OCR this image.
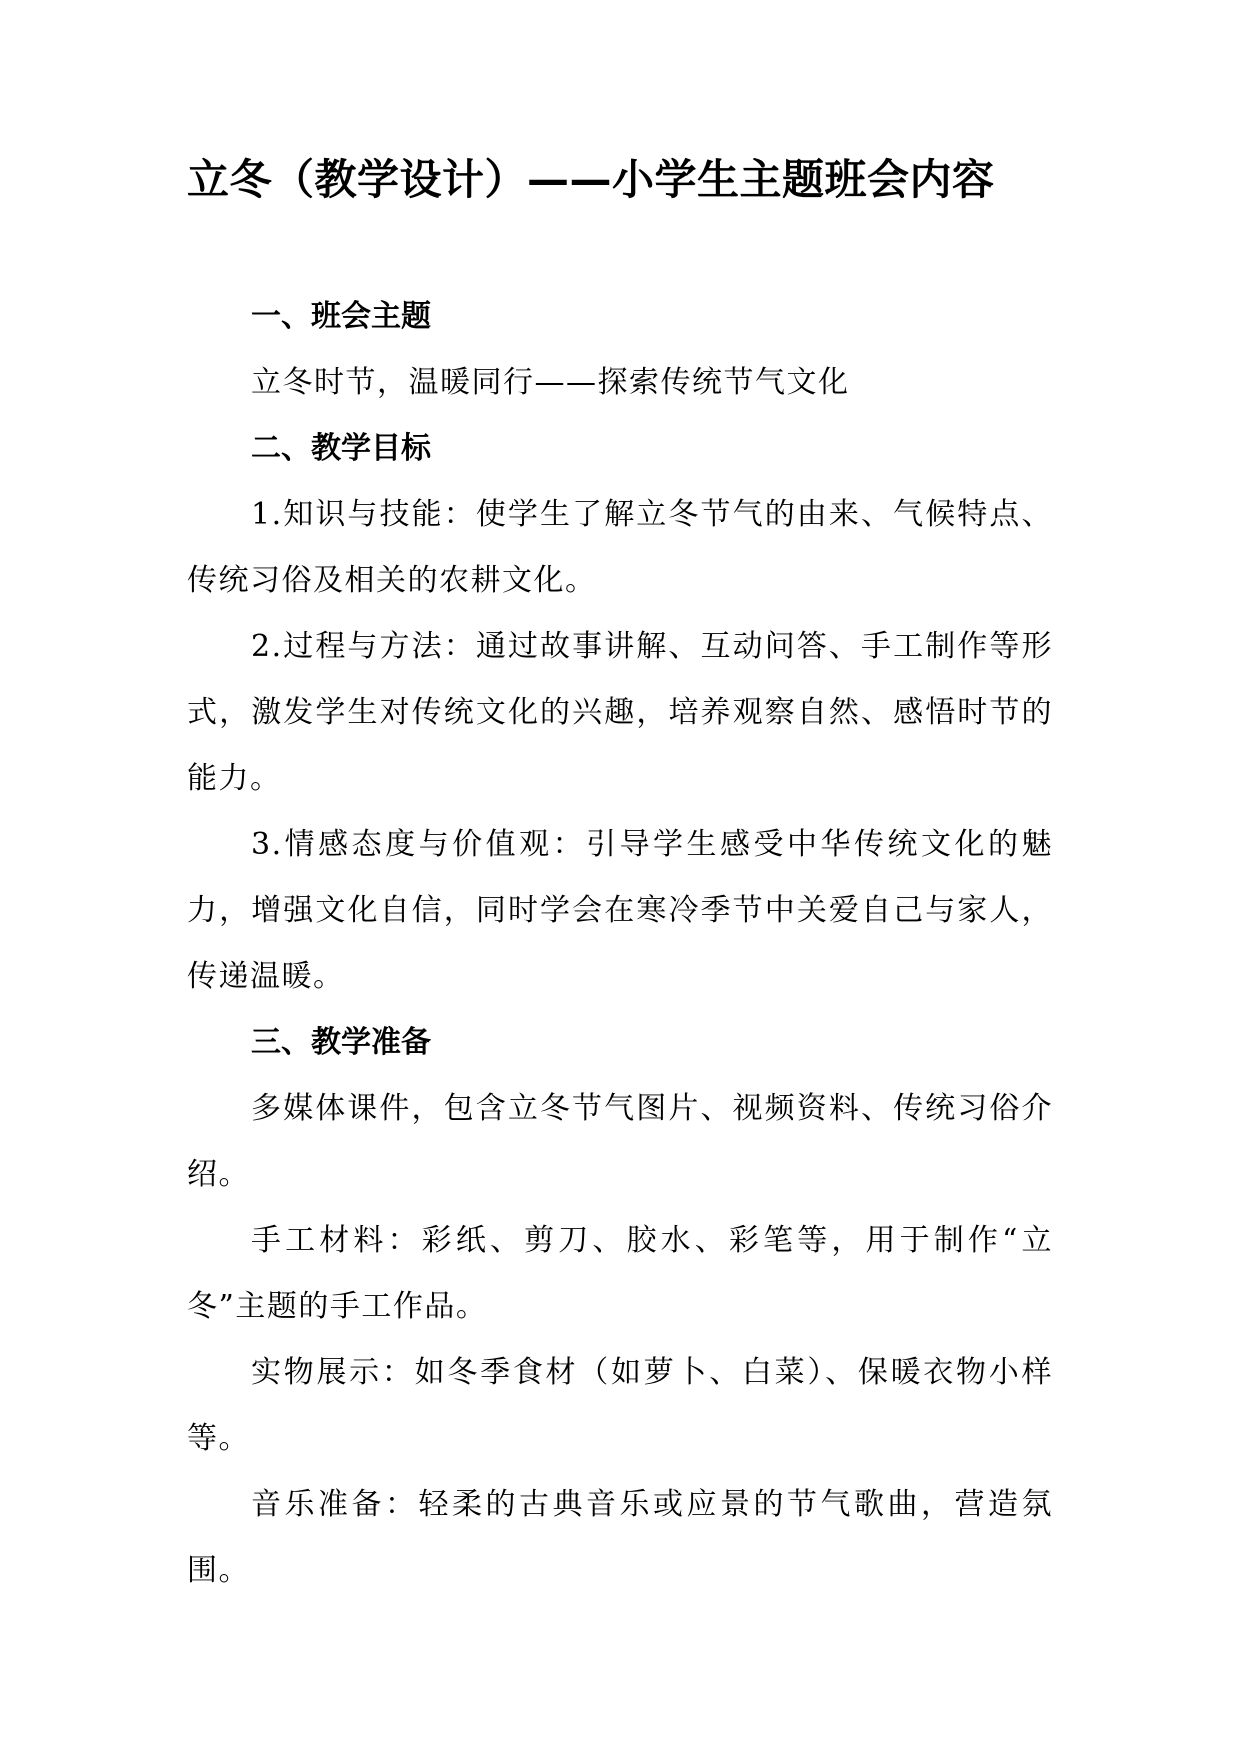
立冬（教学设计）——小学生主题班会内容
一、班会主题

立冬时节，温暖同行——探索传统节气文化

二、教学目标

1.知识与技能：使学生了解立冬节气的由来、气候特点、传统习俗及相关的农耕文化。

2.过程与方法：通过故事讲解、互动问答、手工制作等形式，激发学生对传统文化的兴趣，培养观察自然、感悟时节的能力。

3.情感态度与价值观：引导学生感受中华传统文化的魅力，增强文化自信，同时学会在寒冷季节中关爱自己与家人，传递温暖。

三、教学准备

多媒体课件，包含立冬节气图片、视频资料、传统习俗介绍。

手工材料：彩纸、剪刀、胶水、彩笔等，用于制作“立冬”主题的手工作品。

实物展示：如冬季食材（如萝卜、白菜）、保暖衣物小样等。

音乐准备：轻柔的古典音乐或应景的节气歌曲，营造氛围。
